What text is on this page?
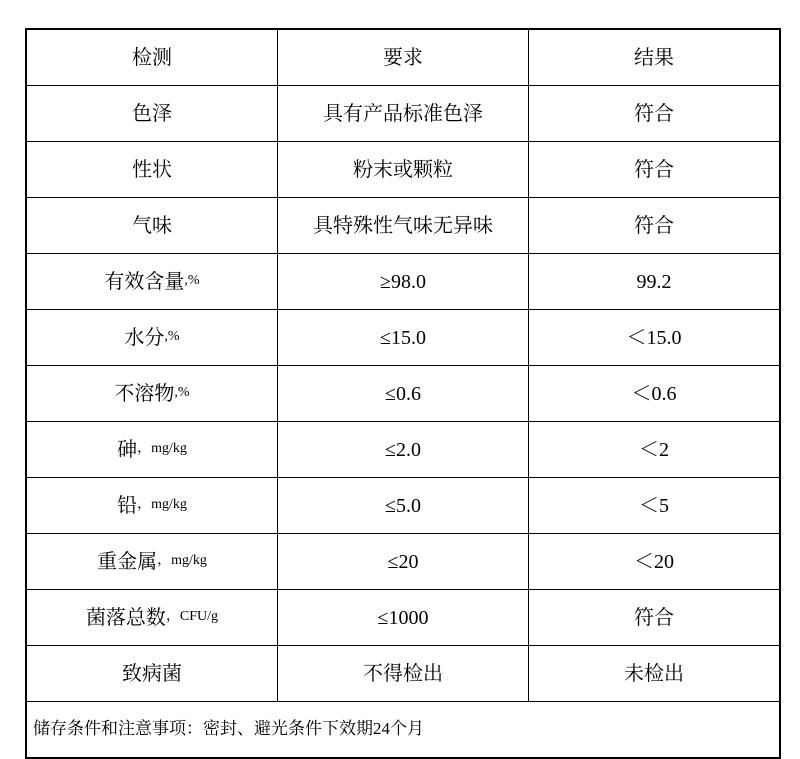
检测	要求	结果

色泽	具有产品标准色泽	符合

性状	粉末或颗粒	符合

气味	具特殊性气味无异味	符合

有效含量 ,%	≥98.0	99.2

水分 ,%	≤15.0	＜15.0

不溶物 ,%	≤0.6	＜0.6

砷 ，mg/kg	≤2.0	＜2

铅 ，mg/kg	≤5.0	＜5

重金属 ，mg/kg	≤20	＜20

菌落总数 ，CFU/g	≤1000	符合

致病菌	不得检出	未检出

储存条件和注意事项：密封、避光条件下效期24个月		
